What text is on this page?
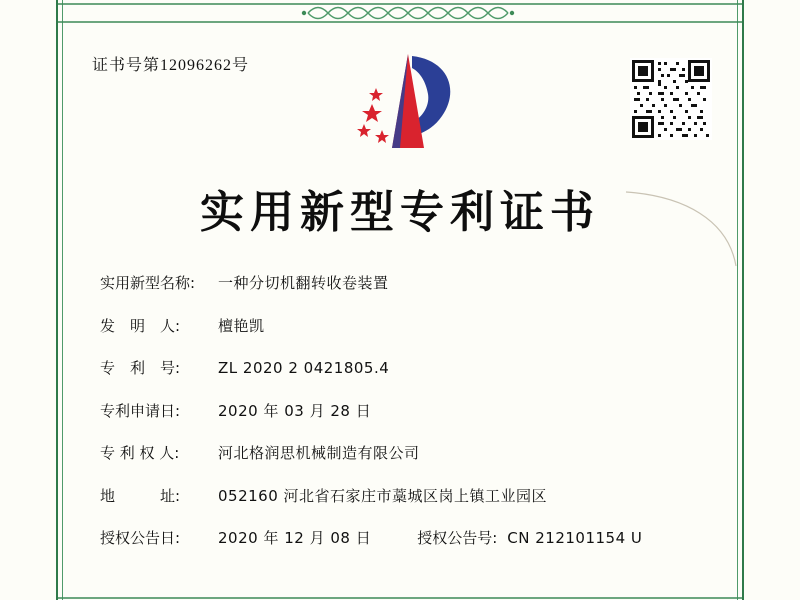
证书号第12096262号
实用新型专利证书
实用新型名称:	一种分切机翻转收卷装置
发　明　人:	檀艳凯
专　利　号:	ZL 2020 2 0421805.4
专利申请日:	2020 年 03 月 28 日
专 利 权 人:	河北格润思机械制造有限公司
地　　　址:	052160 河北省石家庄市藁城区岗上镇工业园区
授权公告日:	2020 年 12 月 08 日	授权公告号: CN 212101154 U
